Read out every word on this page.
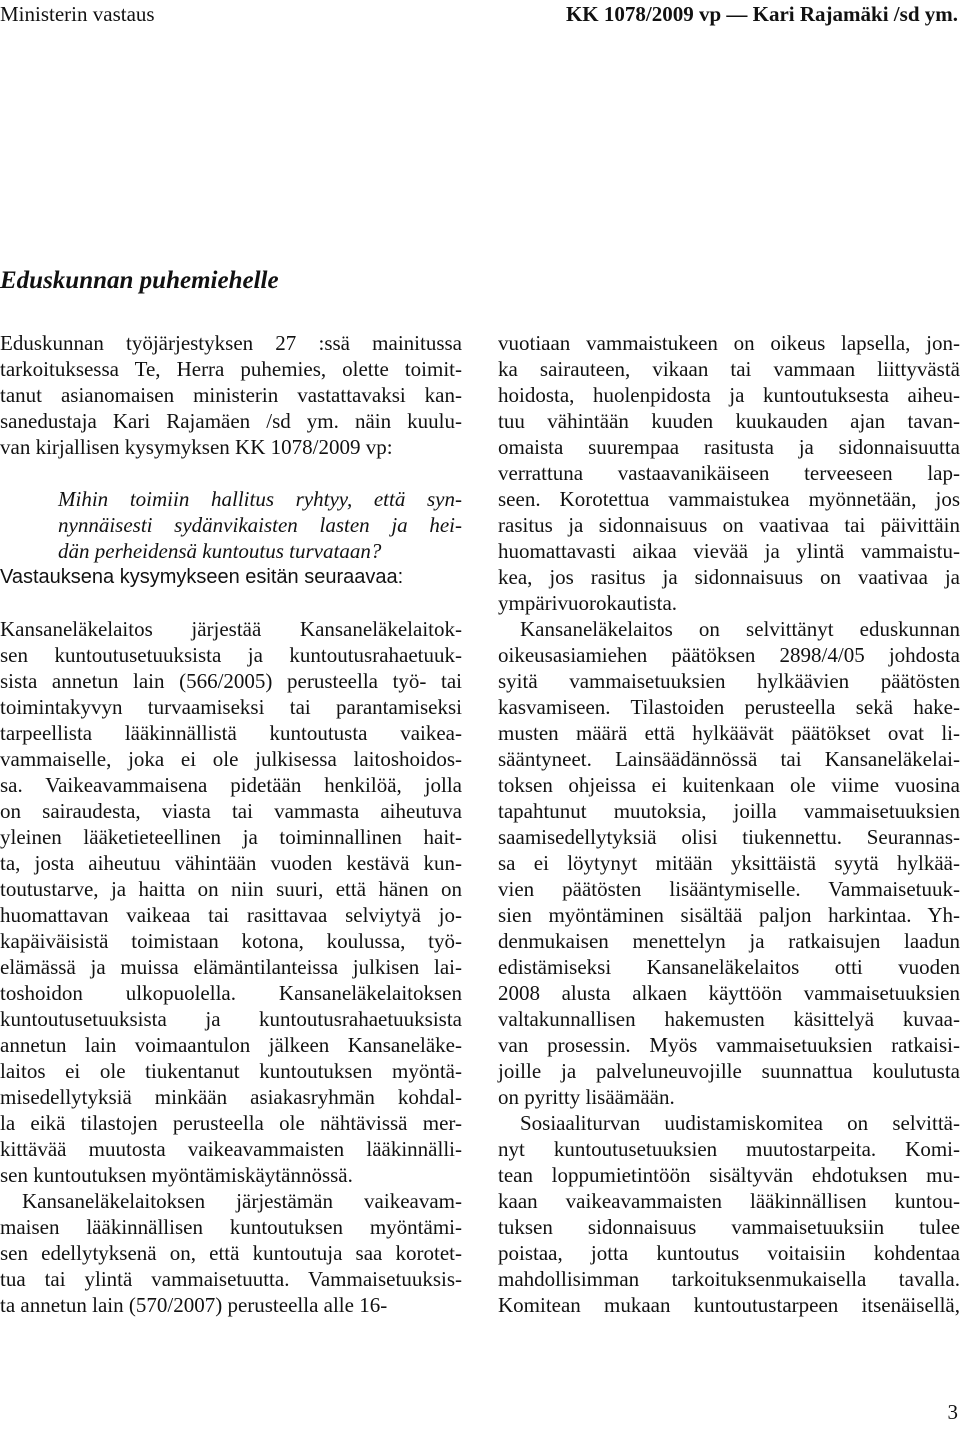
Ministerin vastaus	KK 1078/2009 vp — Kari Rajamäki /sd ym.
Eduskunnan puhemiehelle
Eduskunnan työjärjestyksen 27 :ssä mainitussa
tarkoituksessa Te, Herra puhemies, olette toimit-
tanut asianomaisen ministerin vastattavaksi kan-
sanedustaja Kari Rajamäen /sd ym. näin kuulu-
van kirjallisen kysymyksen KK 1078/2009 vp:
Mihin toimiin hallitus ryhtyy, että syn-
nynnäisesti sydänvikaisten lasten ja hei-
dän perheidensä kuntoutus turvataan?
Vastauksena kysymykseen esitän seuraavaa:
Kansaneläkelaitos järjestää Kansaneläkelaitok-
sen kuntoutusetuuksista ja kuntoutusrahaetuuk-
sista annetun lain (566/2005) perusteella työ- tai
toimintakyvyn turvaamiseksi tai parantamiseksi
tarpeellista lääkinnällistä kuntoutusta vaikea-
vammaiselle, joka ei ole julkisessa laitoshoidos-
sa. Vaikeavammaisena pidetään henkilöä, jolla
on sairaudesta, viasta tai vammasta aiheutuva
yleinen lääketieteellinen ja toiminnallinen hait-
ta, josta aiheutuu vähintään vuoden kestävä kun-
toutustarve, ja haitta on niin suuri, että hänen on
huomattavan vaikeaa tai rasittavaa selviytyä jo-
kapäiväisistä toimistaan kotona, koulussa, työ-
elämässä ja muissa elämäntilanteissa julkisen lai-
toshoidon ulkopuolella. Kansaneläkelaitoksen
kuntoutusetuuksista ja kuntoutusrahaetuuksista
annetun lain voimaantulon jälkeen Kansaneläke-
laitos ei ole tiukentanut kuntoutuksen myöntä-
misedellytyksiä minkään asiakasryhmän kohdal-
la eikä tilastojen perusteella ole nähtävissä mer-
kittävää muutosta vaikeavammaisten lääkinnälli-
sen kuntoutuksen myöntämiskäytännössä.
Kansaneläkelaitoksen järjestämän vaikeavam-
maisen lääkinnällisen kuntoutuksen myöntämi-
sen edellytyksenä on, että kuntoutuja saa korotet-
tua tai ylintä vammaisetuutta. Vammaisetuuksis-
ta annetun lain (570/2007) perusteella alle 16-
vuotiaan vammaistukeen on oikeus lapsella, jon-
ka sairauteen, vikaan tai vammaan liittyvästä
hoidosta, huolenpidosta ja kuntoutuksesta aiheu-
tuu vähintään kuuden kuukauden ajan tavan-
omaista suurempaa rasitusta ja sidonnaisuutta
verrattuna vastaavanikäiseen terveeseen lap-
seen. Korotettua vammaistukea myönnetään, jos
rasitus ja sidonnaisuus on vaativaa tai päivittäin
huomattavasti aikaa vievää ja ylintä vammaistu-
kea, jos rasitus ja sidonnaisuus on vaativaa ja
ympärivuorokautista.
Kansaneläkelaitos on selvittänyt eduskunnan
oikeusasiamiehen päätöksen 2898/4/05 johdosta
syitä vammaisetuuksien hylkäävien päätösten
kasvamiseen. Tilastoiden perusteella sekä hake-
musten määrä että hylkäävät päätökset ovat li-
sääntyneet. Lainsäädännössä tai Kansaneläkelai-
toksen ohjeissa ei kuitenkaan ole viime vuosina
tapahtunut muutoksia, joilla vammaisetuuksien
saamisedellytyksiä olisi tiukennettu. Seurannas-
sa ei löytynyt mitään yksittäistä syytä hylkää-
vien päätösten lisääntymiselle. Vammaisetuuk-
sien myöntäminen sisältää paljon harkintaa. Yh-
denmukaisen menettelyn ja ratkaisujen laadun
edistämiseksi Kansaneläkelaitos otti vuoden
2008 alusta alkaen käyttöön vammaisetuuksien
valtakunnallisen hakemusten käsittelyä kuvaa-
van prosessin. Myös vammaisetuuksien ratkaisi-
joille ja palveluneuvojille suunnattua koulutusta
on pyritty lisäämään.
Sosiaaliturvan uudistamiskomitea on selvittä-
nyt kuntoutusetuuksien muutostarpeita. Komi-
tean loppumietintöön sisältyvän ehdotuksen mu-
kaan vaikeavammaisten lääkinnällisen kuntou-
tuksen sidonnaisuus vammaisetuuksiin tulee
poistaa, jotta kuntoutus voitaisiin kohdentaa
mahdollisimman tarkoituksenmukaisella tavalla.
Komitean mukaan kuntoutustarpeen itsenäisellä,
3
